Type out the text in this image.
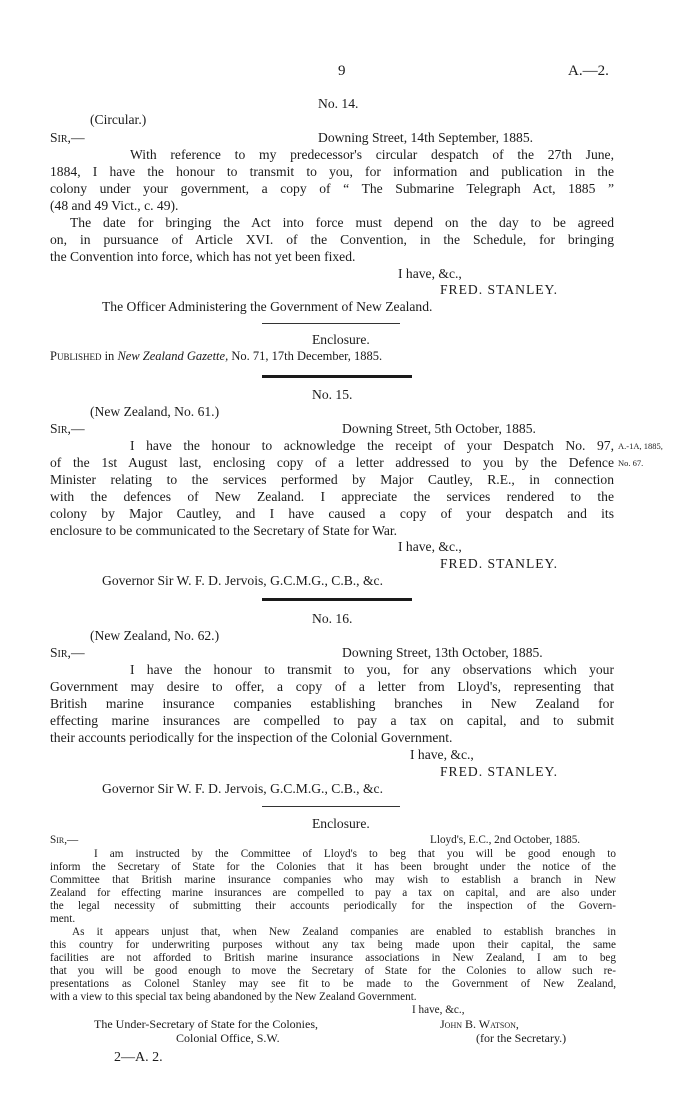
9	A.—2.
No. 14.
(Circular.)
Sir,—	Downing Street, 14th September, 1885.
With reference to my predecessor's circular despatch of the 27th June,
1884, I have the honour to transmit to you, for information and publication in the
colony under your government, a copy of “ The Submarine Telegraph Act, 1885 ”
(48 and 49 Vict., c. 49).
The date for bringing the Act into force must depend on the day to be agreed
on, in pursuance of Article XVI. of the Convention, in the Schedule, for bringing
the Convention into force, which has not yet been fixed.
I have, &c.,
FRED. STANLEY.
The Officer Administering the Government of New Zealand.
Enclosure.
Published in New Zealand Gazette, No. 71, 17th December, 1885.
No. 15.
(New Zealand, No. 61.)
Sir,—	Downing Street, 5th October, 1885.
I have the honour to acknowledge the receipt of your Despatch No. 97,
of the 1st August last, enclosing copy of a letter addressed to you by the Defence
Minister relating to the services performed by Major Cautley, R.E., in connection
with the defences of New Zealand. I appreciate the services rendered to the
colony by Major Cautley, and I have caused a copy of your despatch and its
enclosure to be communicated to the Secretary of State for War.
A.-1A, 1885,
No. 67.
I have, &c.,
FRED. STANLEY.
Governor Sir W. F. D. Jervois, G.C.M.G., C.B., &c.
No. 16.
(New Zealand, No. 62.)
Sir,—	Downing Street, 13th October, 1885.
I have the honour to transmit to you, for any observations which your
Government may desire to offer, a copy of a letter from Lloyd's, representing that
British marine insurance companies establishing branches in New Zealand for
effecting marine insurances are compelled to pay a tax on capital, and to submit
their accounts periodically for the inspection of the Colonial Government.
I have, &c.,
FRED. STANLEY.
Governor Sir W. F. D. Jervois, G.C.M.G., C.B., &c.
Enclosure.
Sir,—	Lloyd's, E.C., 2nd October, 1885.
I am instructed by the Committee of Lloyd's to beg that you will be good enough to
inform the Secretary of State for the Colonies that it has been brought under the notice of the
Committee that British marine insurance companies who may wish to establish a branch in New
Zealand for effecting marine insurances are compelled to pay a tax on capital, and are also under
the legal necessity of submitting their accounts periodically for the inspection of the Govern-
ment.
As it appears unjust that, when New Zealand companies are enabled to establish branches in
this country for underwriting purposes without any tax being made upon their capital, the same
facilities are not afforded to British marine insurance associations in New Zealand, I am to beg
that you will be good enough to move the Secretary of State for the Colonies to allow such re-
presentations as Colonel Stanley may see fit to be made to the Government of New Zealand,
with a view to this special tax being abandoned by the New Zealand Government.
I have, &c.,
The Under-Secretary of State for the Colonies,
Colonial Office, S.W.
John B. Watson,
(for the Secretary.)
2—A. 2.
